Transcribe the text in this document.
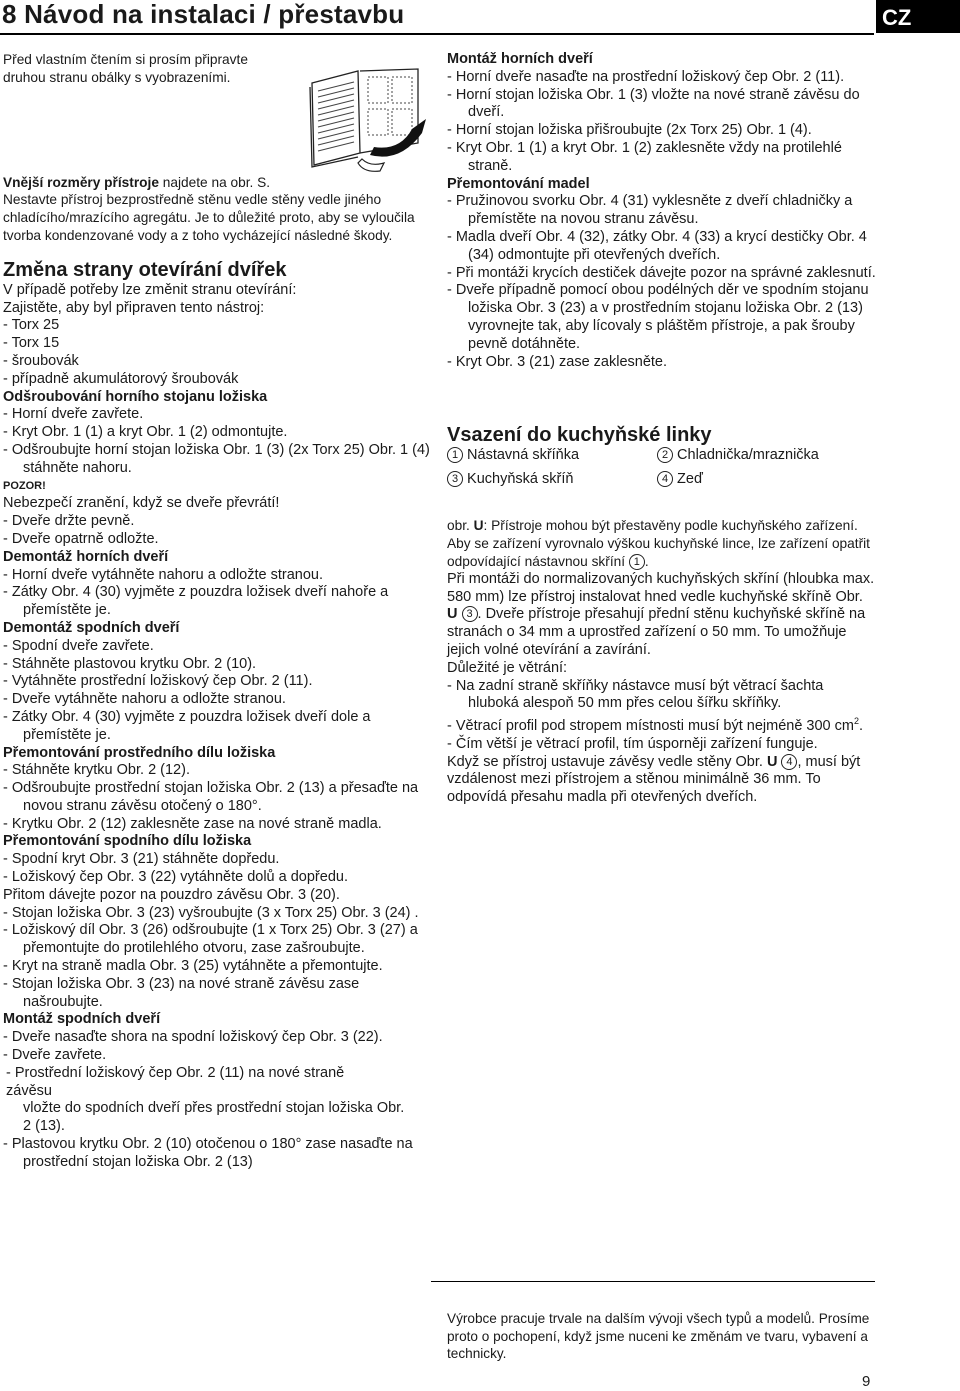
8 Návod na instalaci / přestavbu	CZ

Před vlastním čtením si prosím připravte druhou stranu obálky s vyobrazeními.

Vnější rozměry přístroje najdete na obr. S.

Nestavte přístroj bezprostředně stěnu vedle stěny vedle jiného chladícího/mrazícího agregátu. Je to důležité proto, aby se vyloučila tvorba kondenzované vody a z toho vycházející následné škody.

Změna strany otevírání dvířek

V případě potřeby lze změnit stranu otevírání:

Zajistěte, aby byl připraven tento nástroj:

- Torx 25
- Torx 15
- šroubovák
- případně akumulátorový šroubovák
Odšroubování horního stojanu ložiska
- Horní dveře zavřete.
- Kryt Obr. 1 (1) a kryt Obr. 1 (2) odmontujte.
- Odšroubujte horní stojan ložiska Obr. 1 (3) (2x Torx 25) Obr. 1 (4) stáhněte nahoru.
POZOR!

Nebezpečí zranění, když se dveře převrátí!

- Dveře držte pevně.
- Dveře opatrně odložte.
Demontáž horních dveří
- Horní dveře vytáhněte nahoru a odložte stranou.
- Zátky Obr. 4 (30) vyjměte z pouzdra ložisek dveří nahoře a přemístěte je.
Demontáž spodních dveří
- Spodní dveře zavřete.
- Stáhněte plastovou krytku Obr. 2 (10).
- Vytáhněte prostřední ložiskový čep Obr. 2 (11).
- Dveře vytáhněte nahoru a odložte stranou.
- Zátky Obr. 4 (30) vyjměte z pouzdra ložisek dveří dole a přemístěte je.
Přemontování prostředního dílu ložiska
- Stáhněte krytku Obr. 2 (12).
- Odšroubujte prostřední stojan ložiska Obr. 2 (13) a přesaďte na novou stranu závěsu otočený o 180°.
- Krytku Obr. 2 (12) zaklesněte zase na nové straně madla.
Přemontování spodního dílu ložiska
- Spodní kryt Obr. 3 (21) stáhněte dopředu.
- Ložiskový čep Obr. 3 (22) vytáhněte dolů a dopředu.

Přitom dávejte pozor na pouzdro závěsu Obr. 3 (20).

- Stojan ložiska Obr. 3 (23) vyšroubujte (3 x Torx 25) Obr. 3 (24) .
- Ložiskový díl Obr. 3 (26) odšroubujte (1 x Torx 25) Obr. 3 (27) a přemontujte do protilehlého otvoru, zase zašroubujte.
- Kryt na straně madla Obr. 3 (25) vytáhněte a přemontujte.
- Stojan ložiska Obr. 3 (23) na nové straně závěsu zase našroubujte.
Montáž spodních dveří
- Dveře nasaďte shora na spodní ložiskový čep Obr. 3 (22).
- Dveře zavřete.
- Prostřední ložiskový čep Obr. 2 (11) na nové straně závěsu
vložte do spodních dveří přes prostřední stojan ložiska Obr. 2 (13).
- Plastovou krytku Obr. 2 (10) otočenou o 180° zase nasaďte na prostřední stojan ložiska Obr. 2 (13)
Montáž horních dveří
- Horní dveře nasaďte na prostřední ložiskový čep Obr. 2 (11).
- Horní stojan ložiska Obr. 1 (3) vložte na nové straně závěsu do dveří.
- Horní stojan ložiska přišroubujte (2x Torx 25) Obr. 1 (4).
- Kryt Obr. 1 (1) a kryt Obr. 1 (2) zaklesněte vždy na protilehlé straně.
Přemontování madel
- Pružinovou svorku Obr. 4 (31) vyklesněte z dveří chladničky a přemístěte na novou stranu závěsu.
- Madla dveří Obr. 4 (32), zátky Obr. 4 (33) a krycí destičky Obr. 4 (34) odmontujte při otevřených dveřích.
- Při montáži krycích destiček dávejte pozor na správné zaklesnutí.
- Dveře případně pomocí obou podélných děr ve spodním stojanu ložiska Obr. 3 (23) a v prostředním stojanu ložiska Obr. 2 (13) vyrovnejte tak, aby lícovaly s pláštěm přístroje, a pak šrouby pevně dotáhněte.
- Kryt Obr. 3 (21) zase zaklesněte.
Vsazení do kuchyňské linky
1 Nástavná skříňka	2 Chladnička/mraznička
3 Kuchyňská skříň	4 Zeď

obr. U: Přístroje mohou být přestavěny podle kuchyňského zařízení. Aby se zařízení vyrovnalo výškou kuchyňské lince, lze zařízení opatřit odpovídající nástavnou skříní 1 .

Při montáži do normalizovaných kuchyňských skříní (hloubka max. 580 mm) lze přístroj instalovat hned vedle kuchyňské skříně Obr. U 3 . Dveře přístroje přesahují přední stěnu kuchyňské skříně na stranách o 34 mm a uprostřed zařízení o 50 mm. To umožňuje jejich volné otevírání a zavírání.

Důležité je větrání:

- Na zadní straně skříňky nástavce musí být větrací šachta hluboká alespoň 50 mm přes celou šířku skříňky.
- Větrací profil pod stropem místnosti musí být nejméně 300 $cm^2$.
- Čím větší je větrací profil, tím úsporněji zařízení funguje.

Když se přístroj ustavuje závěsy vedle stěny Obr. U 4 , musí být vzdálenost mezi přístrojem a stěnou minimálně 36 mm. To odpovídá přesahu madla při otevřených dveřích.

Výrobce pracuje trvale na dalším vývoji všech typů a modelů. Prosíme proto o pochopení, když jsme nuceni ke změnám ve tvaru, vybavení a technicky.

9
